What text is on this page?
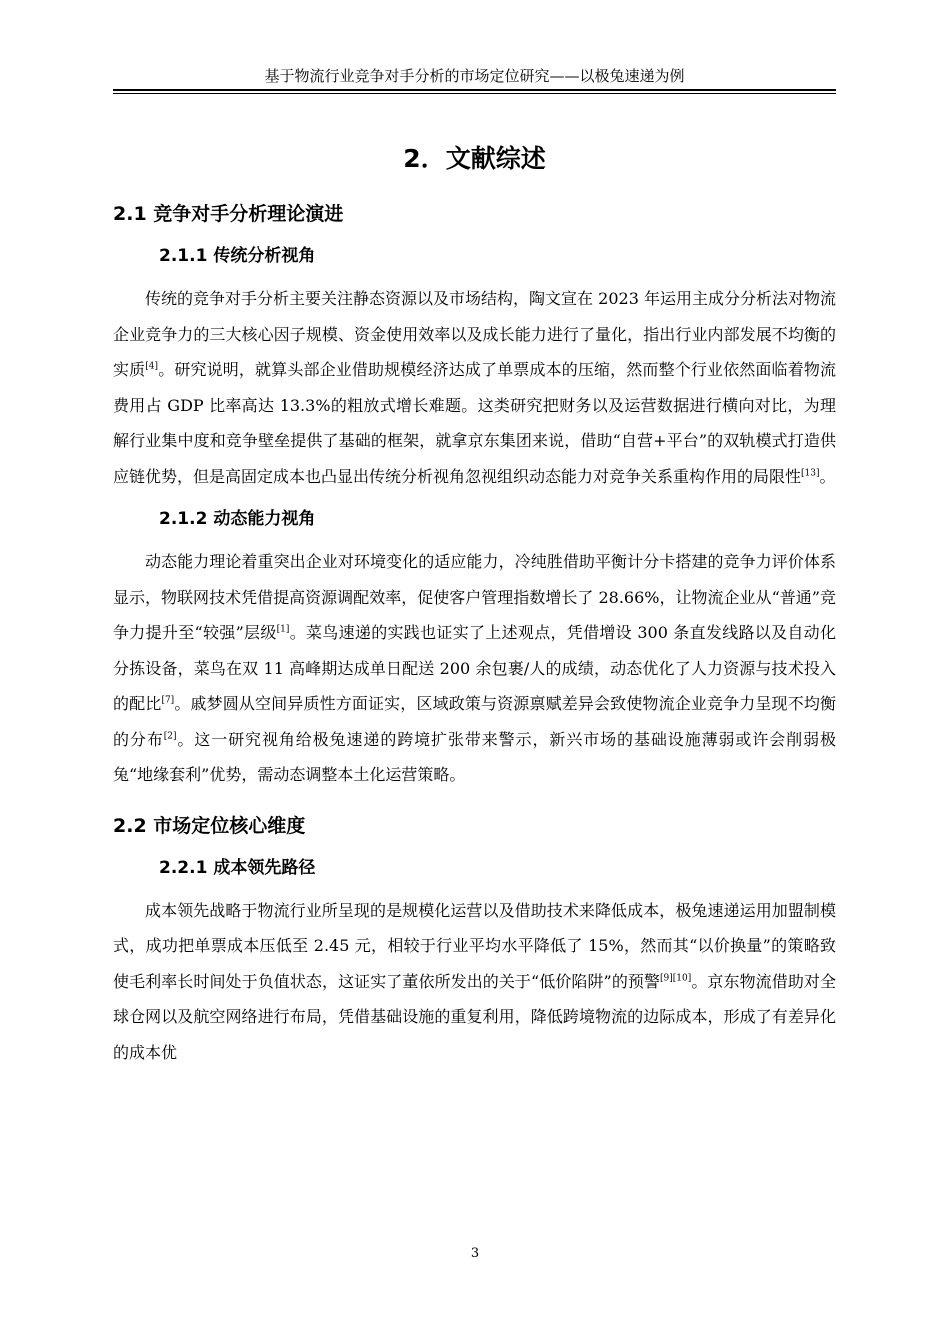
基于物流行业竞争对手分析的市场定位研究——以极兔速递为例
2．文献综述
2.1 竞争对手分析理论演进
2.1.1 传统分析视角

传统的竞争对手分析主要关注静态资源以及市场结构，陶文宣在 2023 年运用主成分分析法对物流企业竞争力的三大核心因子规模、资金使用效率以及成长能力进行了量化，指出行业内部发展不均衡的实质[4]。研究说明，就算头部企业借助规模经济达成了单票成本的压缩，然而整个行业依然面临着物流费用占 GDP 比率高达 13.3%的粗放式增长难题。这类研究把财务以及运营数据进行横向对比，为理解行业集中度和竞争壁垒提供了基础的框架，就拿京东集团来说，借助“自营+平台”的双轨模式打造供应链优势，但是高固定成本也凸显出传统分析视角忽视组织动态能力对竞争关系重构作用的局限性[13]。

2.1.2 动态能力视角

动态能力理论着重突出企业对环境变化的适应能力，冷纯胜借助平衡计分卡搭建的竞争力评价体系显示，物联网技术凭借提高资源调配效率，促使客户管理指数增长了 28.66%，让物流企业从“普通”竞争力提升至“较强”层级[1]。菜鸟速递的实践也证实了上述观点，凭借增设 300 条直发线路以及自动化分拣设备，菜鸟在双 11 高峰期达成单日配送 200 余包裹/人的成绩，动态优化了人力资源与技术投入的配比[7]。戚梦圆从空间异质性方面证实，区域政策与资源禀赋差异会致使物流企业竞争力呈现不均衡的分布[2]。这一研究视角给极兔速递的跨境扩张带来警示，新兴市场的基础设施薄弱或许会削弱极兔“地缘套利”优势，需动态调整本土化运营策略。

2.2 市场定位核心维度
2.2.1 成本领先路径

成本领先战略于物流行业所呈现的是规模化运营以及借助技术来降低成本，极兔速递运用加盟制模式，成功把单票成本压低至 2.45 元，相较于行业平均水平降低了 15%，然而其“以价换量”的策略致使毛利率长时间处于负值状态，这证实了董依所发出的关于“低价陷阱”的预警[9][10]。京东物流借助对全球仓网以及航空网络进行布局，凭借基础设施的重复利用，降低跨境物流的边际成本，形成了有差异化的成本优

3
